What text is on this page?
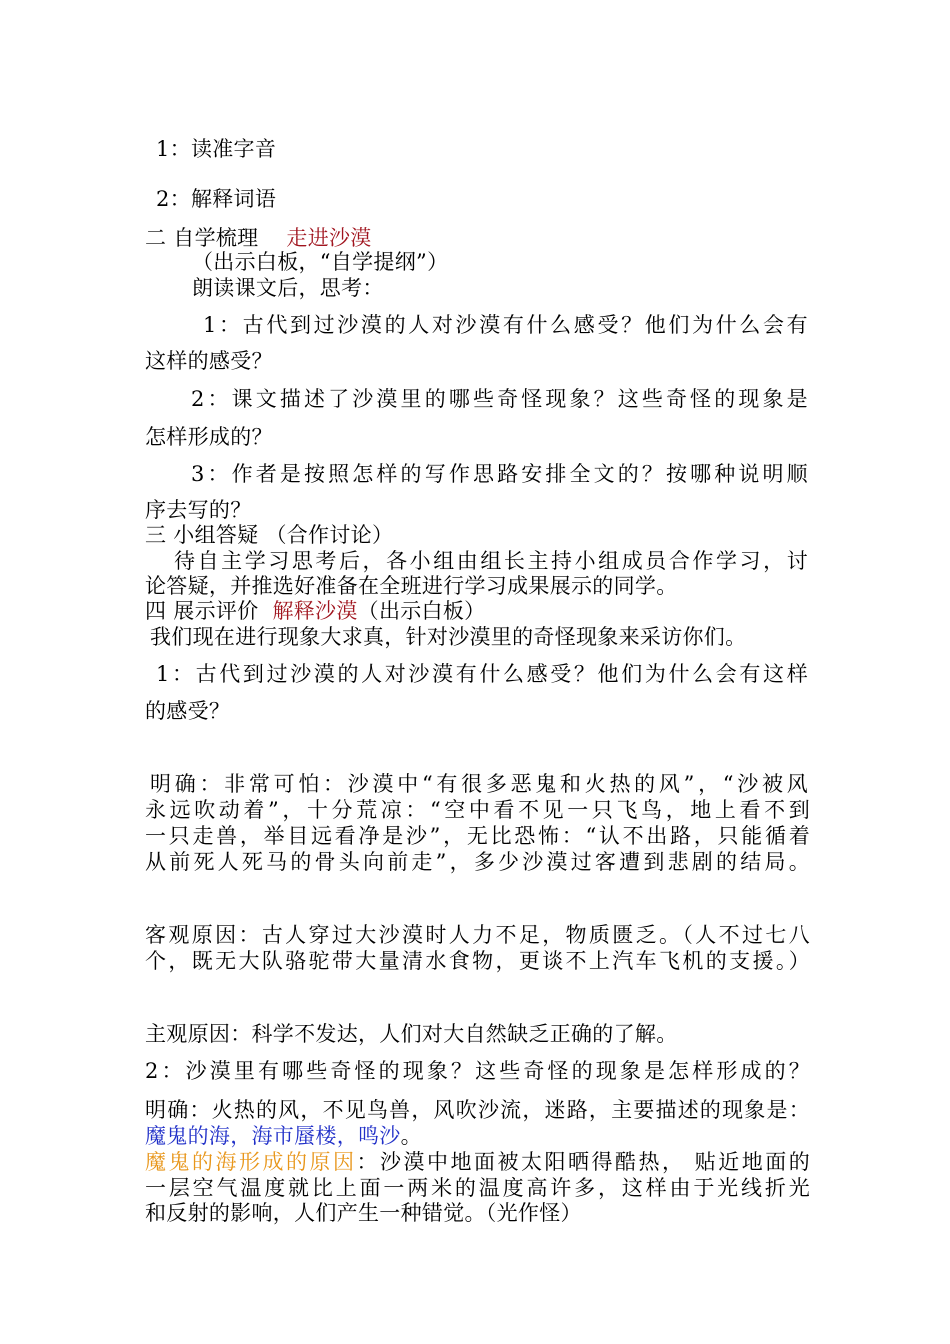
1：读准字音
2：解释词语
二 自学梳理 走进沙漠
（出示白板，“自学提纲”）
朗读课文后，思考：
1：古代到过沙漠的人对沙漠有什么感受？他们为什么会有
这样的感受？
2：课文描述了沙漠里的哪些奇怪现象？这些奇怪的现象是
怎样形成的？
3：作者是按照怎样的写作思路安排全文的？按哪种说明顺
序去写的？
三 小组答疑 （合作讨论）
待自主学习思考后，各小组由组长主持小组成员合作学习，讨
论答疑，并推选好准备在全班进行学习成果展示的同学。
四 展示评价 解释沙漠（出示白板）
我们现在进行现象大求真，针对沙漠里的奇怪现象来采访你们。
1：古代到过沙漠的人对沙漠有什么感受？他们为什么会有这样
的感受？
明确：非常可怕：沙漠中“有很多恶鬼和火热的风”，“沙被风
永远吹动着”，十分荒凉：“空中看不见一只飞鸟，地上看不到
一只走兽，举目远看净是沙”，无比恐怖：“认不出路，只能循着
从前死人死马的骨头向前走”，多少沙漠过客遭到悲剧的结局。
客观原因：古人穿过大沙漠时人力不足，物质匮乏。（人不过七八
个，既无大队骆驼带大量清水食物，更谈不上汽车飞机的支援。）
主观原因：科学不发达，人们对大自然缺乏正确的了解。
2：沙漠里有哪些奇怪的现象？这些奇怪的现象是怎样形成的？
明确：火热的风，不见鸟兽，风吹沙流，迷路，主要描述的现象是：
魔鬼的海，海市蜃楼，鸣沙。
魔鬼的海形成的原因：沙漠中地面被太阳晒得酷热， 贴近地面的
一层空气温度就比上面一两米的温度高许多，这样由于光线折光
和反射的影响，人们产生一种错觉。（光作怪）
